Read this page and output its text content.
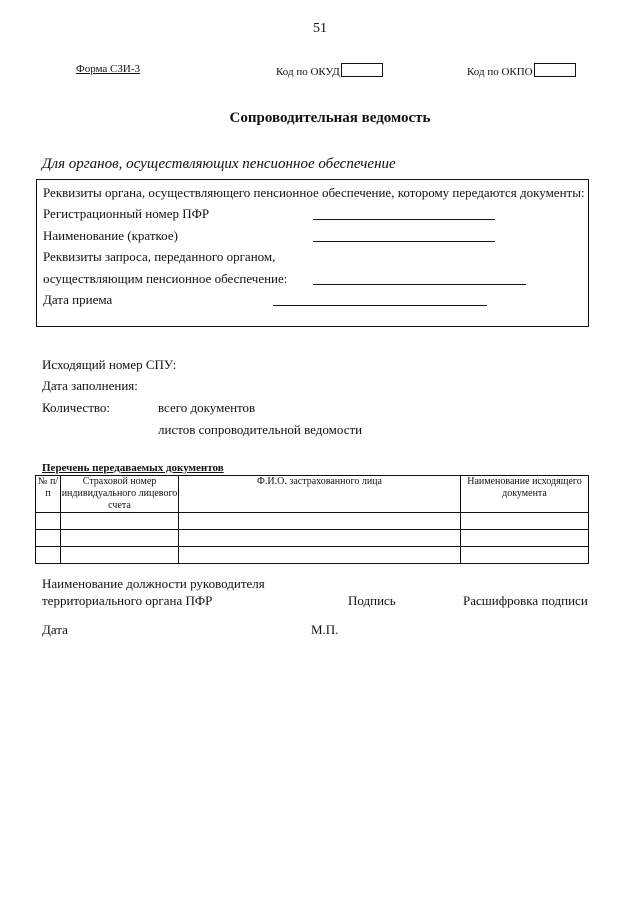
51
Форма СЗИ-3	Код по ОКУД	Код по ОКПО
Сопроводительная ведомость
Для органов, осуществляющих пенсионное обеспечение
Реквизиты органа, осуществляющего пенсионное обеспечение, которому передаются документы:
Регистрационный номер ПФР
Наименование (краткое)
Реквизиты запроса, переданного органом,
осуществляющим пенсионное обеспечение:
Дата приема
Исходящий номер СПУ:
Дата заполнения:
Количество:	всего документов
листов сопроводительной ведомости
Перечень передаваемых документов
№ п/ п	Страховой номер индивидуального лицевого счета	Ф.И.О. застрахованного лица	Наименование исходящего документа

Наименование должности руководителя
территориального органа ПФР	Подпись	Расшифровка подписи
Дата	М.П.
